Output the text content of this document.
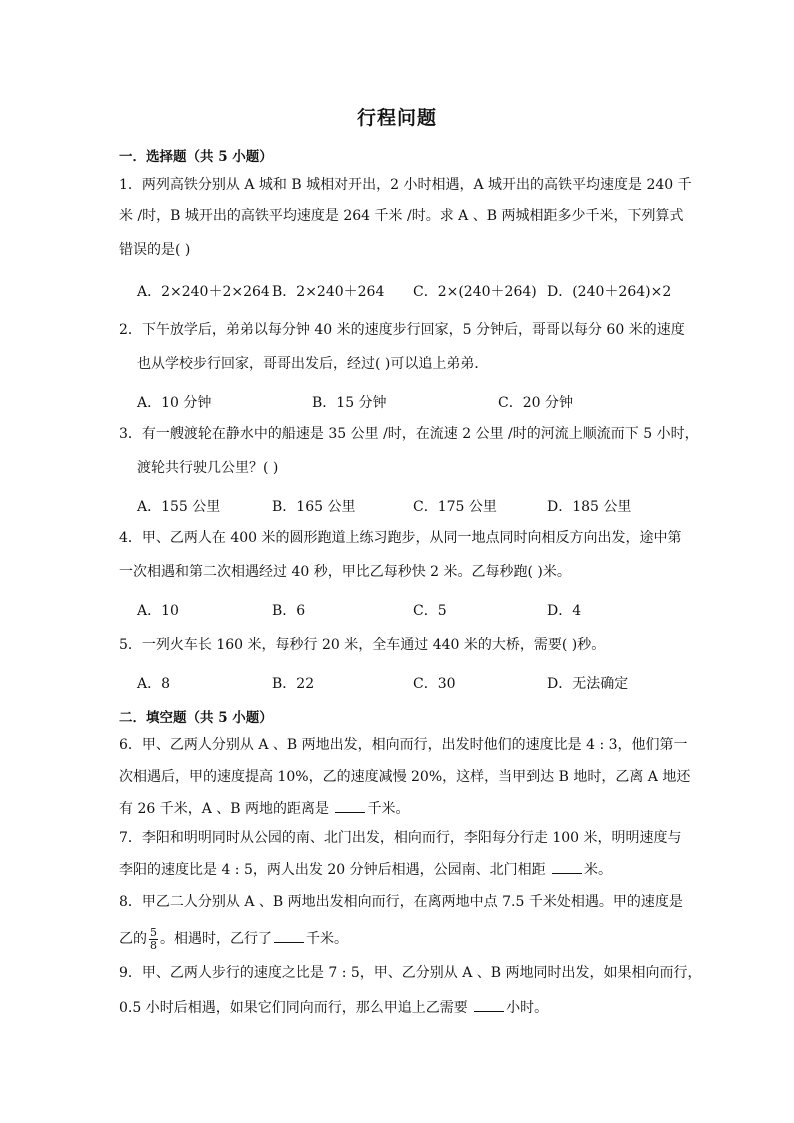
行程问题
一．选择题（共 5 小题）
1．两列高铁分别从 A 城和 B 城相对开出，2 小时相遇，A 城开出的高铁平均速度是 240 千
米 /时，B 城开出的高铁平均速度是 264 千米 /时。求 A 、B 两城相距多少千米，下列算式
错误的是( )
A．2×240＋2×264 B．2×240＋264 C．2×(240＋264) D．(240＋264)×2
2．下午放学后，弟弟以每分钟 40 米的速度步行回家，5 分钟后，哥哥以每分 60 米的速度
也从学校步行回家，哥哥出发后，经过( )可以追上弟弟．
A．10 分钟	B．15 分钟	C．20 分钟
3．有一艘渡轮在静水中的船速是 35 公里 /时，在流速 2 公里 /时的河流上顺流而下 5 小时，
渡轮共行驶几公里？( )
A．155 公里	B．165 公里	C．175 公里	D．185 公里
4．甲、乙两人在 400 米的圆形跑道上练习跑步，从同一地点同时向相反方向出发，途中第
一次相遇和第二次相遇经过 40 秒，甲比乙每秒快 2 米。乙每秒跑( )米。
A．10	B．6	C．5	D．4
5．一列火车长 160 米，每秒行 20 米，全车通过 440 米的大桥，需要( )秒。
A．8	B．22	C．30	D．无法确定
二．填空题（共 5 小题）
6．甲、乙两人分别从 A 、B 两地出发，相向而行，出发时他们的速度比是 4 : 3，他们第一
次相遇后，甲的速度提高 10%，乙的速度减慢 20%，这样，当甲到达 B 地时，乙离 A 地还
有 26 千米，A 、B 两地的距离是 千米。
7．李阳和明明同时从公园的南、北门出发，相向而行，李阳每分行走 100 米，明明速度与
李阳的速度比是 4 : 5，两人出发 20 分钟后相遇，公园南、北门相距 米。
8．甲乙二人分别从 A 、B 两地出发相向而行，在离两地中点 7.5 千米处相遇。甲的速度是
乙的 $\frac{5}{8}$ 。相遇时，乙行了 千米。
9．甲、乙两人步行的速度之比是 7 : 5，甲、乙分别从 A 、B 两地同时出发，如果相向而行，
0.5 小时后相遇，如果它们同向而行，那么甲追上乙需要 小时。
